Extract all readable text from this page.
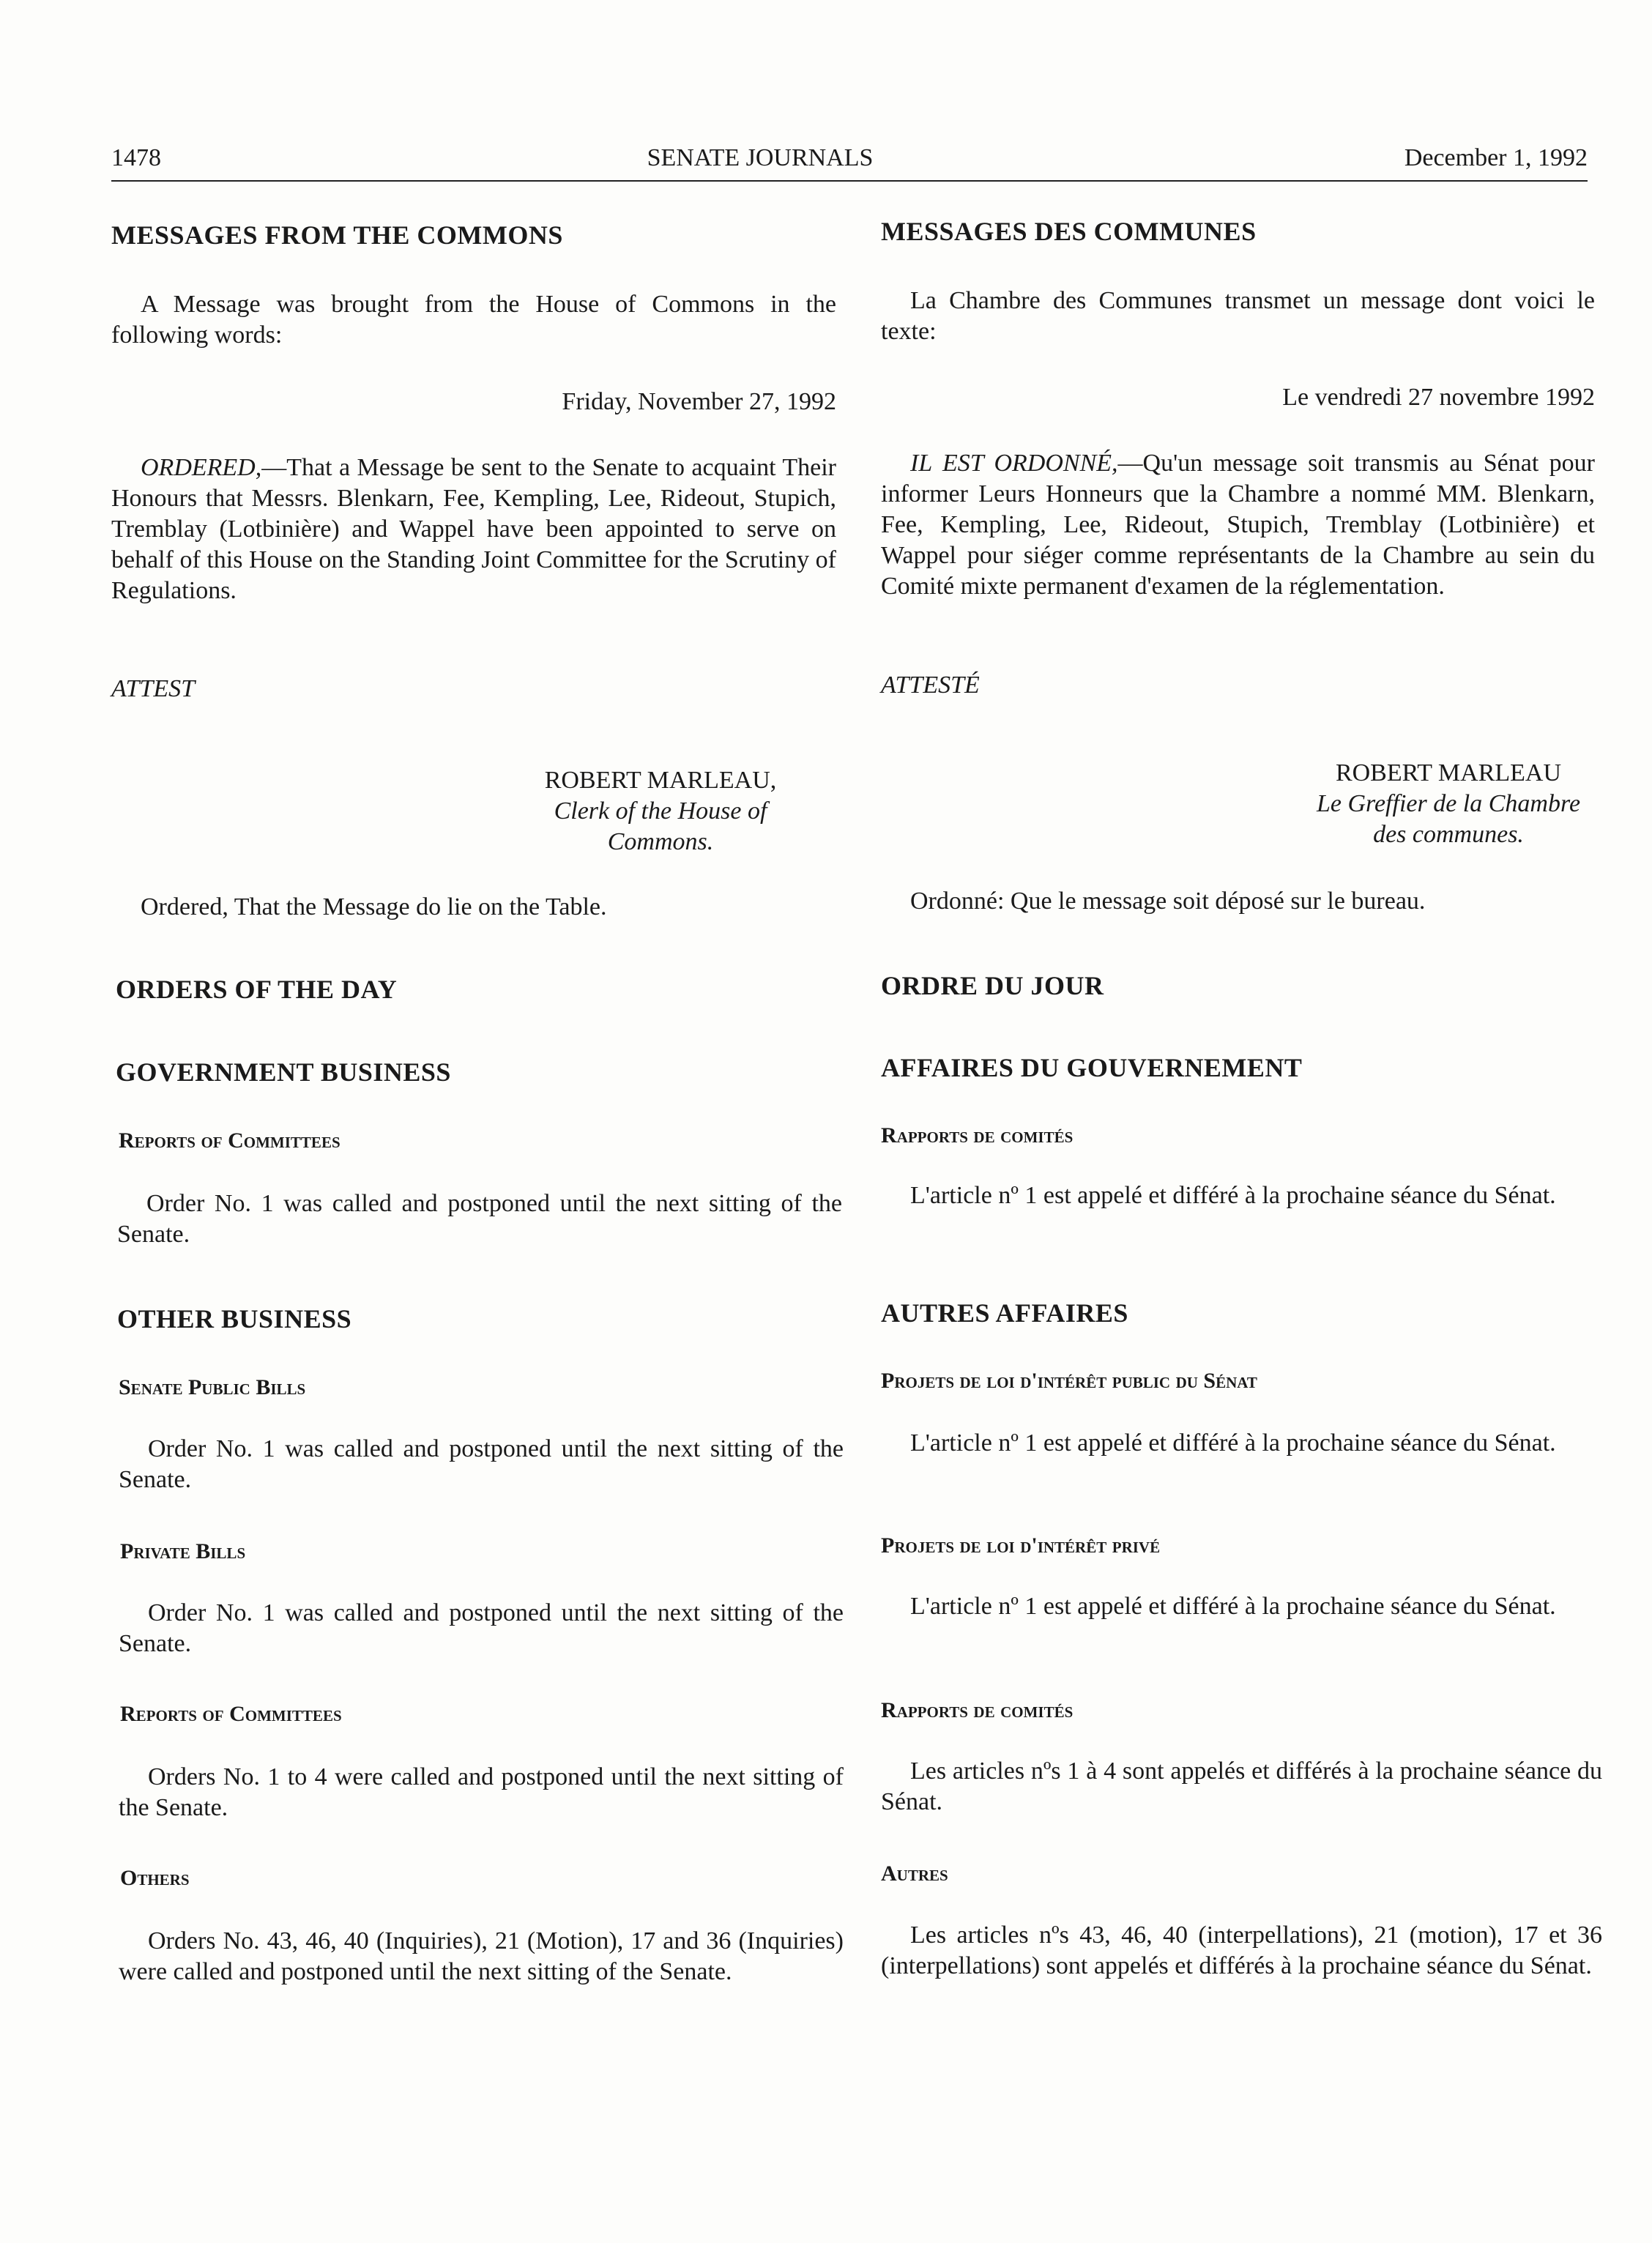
1478	SENATE JOURNALS	December 1, 1992
MESSAGES FROM THE COMMONS
A Message was brought from the House of Commons in the following words:
Friday, November 27, 1992
ORDERED,—That a Message be sent to the Senate to acquaint Their Honours that Messrs. Blenkarn, Fee, Kempling, Lee, Rideout, Stupich, Tremblay (Lotbinière) and Wappel have been appointed to serve on behalf of this House on the Standing Joint Committee for the Scrutiny of Regulations.
ATTEST
ROBERT MARLEAU,
Clerk of the House of
Commons.
Ordered, That the Message do lie on the Table.
ORDERS OF THE DAY
GOVERNMENT BUSINESS
Reports of Committees
Order No. 1 was called and postponed until the next sitting of the Senate.
OTHER BUSINESS
Senate Public Bills
Order No. 1 was called and postponed until the next sitting of the Senate.
Private Bills
Order No. 1 was called and postponed until the next sitting of the Senate.
Reports of Committees
Orders No. 1 to 4 were called and postponed until the next sitting of the Senate.
Others
Orders No. 43, 46, 40 (Inquiries), 21 (Motion), 17 and 36 (Inquiries) were called and postponed until the next sitting of the Senate.
MESSAGES DES COMMUNES
La Chambre des Communes transmet un message dont voici le texte:
Le vendredi 27 novembre 1992
IL EST ORDONNÉ,—Qu'un message soit transmis au Sénat pour informer Leurs Honneurs que la Chambre a nommé MM. Blenkarn, Fee, Kempling, Lee, Rideout, Stupich, Tremblay (Lotbinière) et Wappel pour siéger comme représentants de la Chambre au sein du Comité mixte permanent d'examen de la réglementation.
ATTESTÉ
ROBERT MARLEAU
Le Greffier de la Chambre
des communes.
Ordonné: Que le message soit déposé sur le bureau.
ORDRE DU JOUR
AFFAIRES DU GOUVERNEMENT
Rapports de comités
L'article nº 1 est appelé et différé à la prochaine séance du Sénat.
AUTRES AFFAIRES
Projets de loi d'intérêt public du Sénat
L'article nº 1 est appelé et différé à la prochaine séance du Sénat.
Projets de loi d'intérêt privé
L'article nº 1 est appelé et différé à la prochaine séance du Sénat.
Rapports de comités
Les articles nºs 1 à 4 sont appelés et différés à la prochaine séance du Sénat.
Autres
Les articles nºs 43, 46, 40 (interpellations), 21 (motion), 17 et 36 (interpellations) sont appelés et différés à la prochaine séance du Sénat.
